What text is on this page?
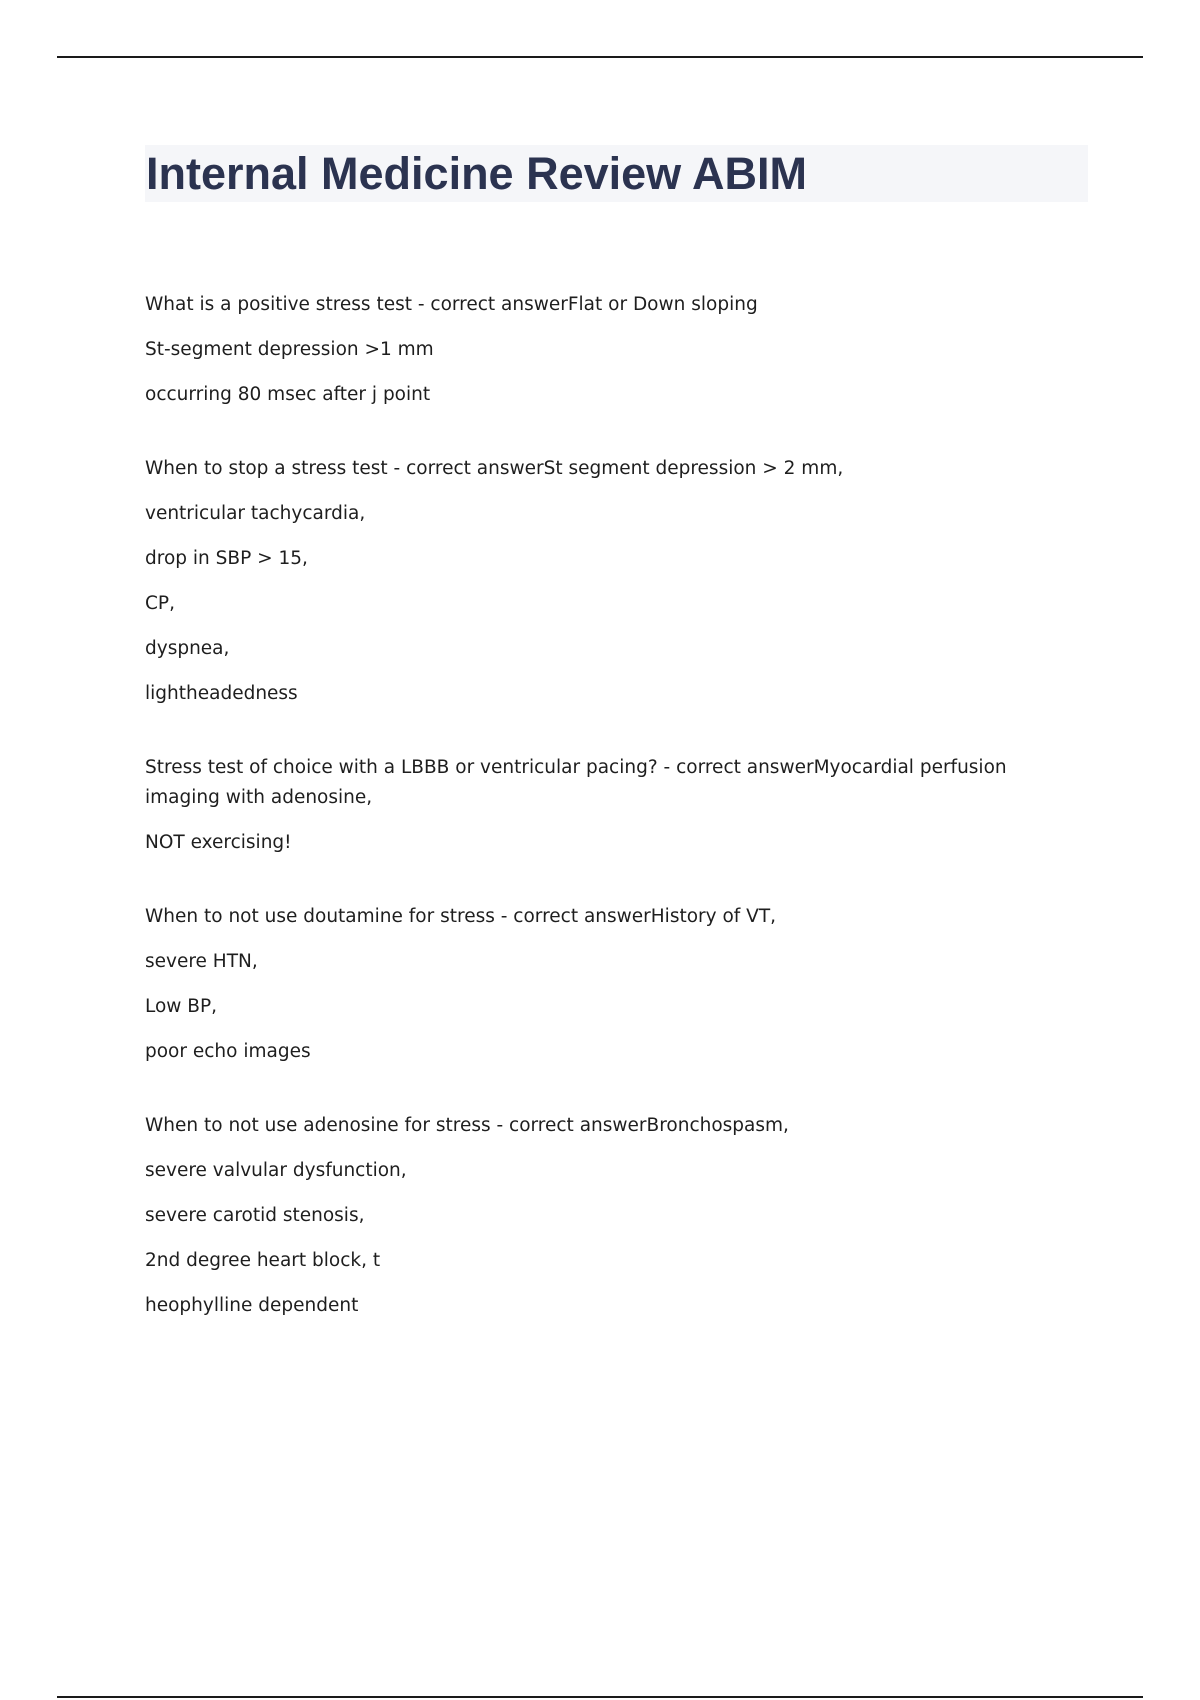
Internal Medicine Review ABIM
What is a positive stress test - correct answerFlat or Down sloping
St-segment depression >1 mm
occurring 80 msec after j point
When to stop a stress test - correct answerSt segment depression > 2 mm,
ventricular tachycardia,
drop in SBP > 15,
CP,
dyspnea,
lightheadedness
Stress test of choice with a LBBB or ventricular pacing? - correct answerMyocardial perfusion imaging with adenosine,
NOT exercising!
When to not use doutamine for stress - correct answerHistory of VT,
severe HTN,
Low BP,
poor echo images
When to not use adenosine for stress - correct answerBronchospasm,
severe valvular dysfunction,
severe carotid stenosis,
2nd degree heart block, t
heophylline dependent
